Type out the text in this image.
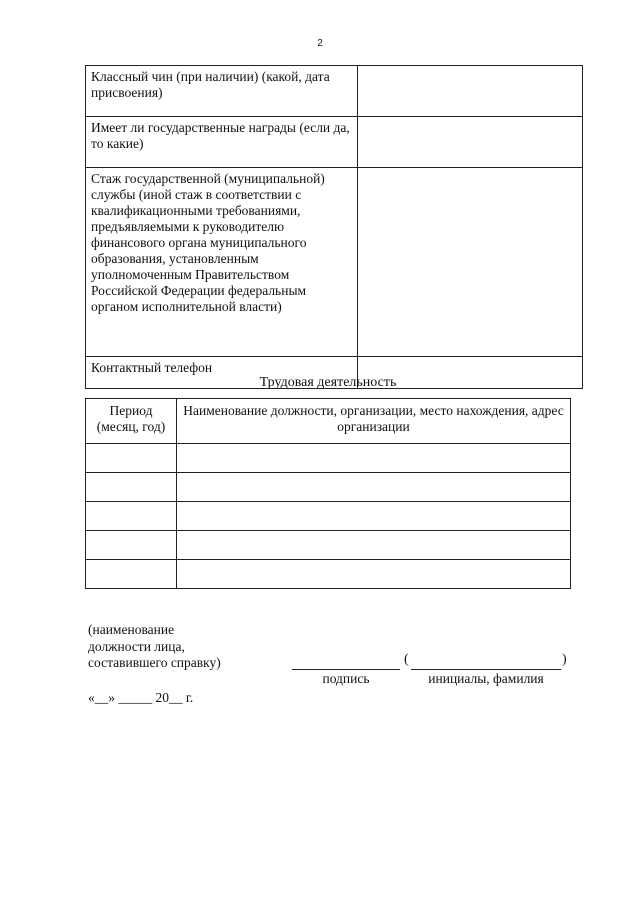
2
Классный чин (при наличии) (какой, дата присвоения)	
Имеет ли государственные награды (если да, то какие)	
Стаж государственной (муниципальной) службы (иной стаж в соответствии с квалификационными требованиями, предъявляемыми к руководителю финансового органа муниципального образования, установленным уполномоченным Правительством Российской Федерации федеральным органом исполнительной власти)	
Контактный телефон	
Трудовая деятельность
Период (месяц, год)	Наименование должности, организации, место нахождения, адрес организации

(наименование должности лица, составившего справку)
«__» _____ 20__ г.
(	)
подпись	инициалы, фамилия
